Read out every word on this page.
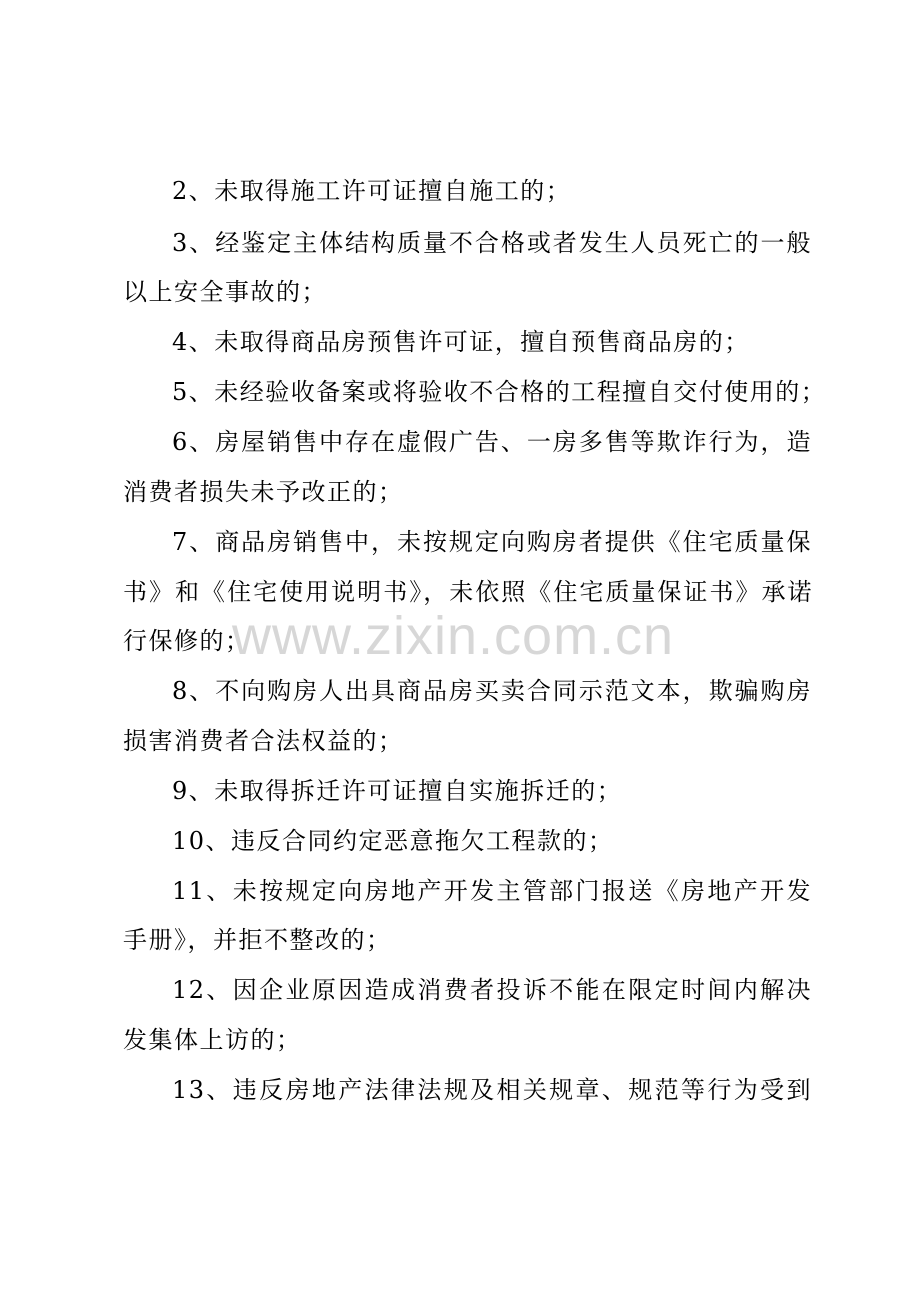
2、未取得施工许可证擅自施工的；
3、经鉴定主体结构质量不合格或者发生人员死亡的一般
以上安全事故的；
4、未取得商品房预售许可证，擅自预售商品房的；
5、未经验收备案或将验收不合格的工程擅自交付使用的；
6、房屋销售中存在虚假广告、一房多售等欺诈行为，造
消费者损失未予改正的；
7、商品房销售中，未按规定向购房者提供《住宅质量保
书》和《住宅使用说明书》，未依照《住宅质量保证书》承诺
行保修的；
8、不向购房人出具商品房买卖合同示范文本，欺骗购房
损害消费者合法权益的；
9、未取得拆迁许可证擅自实施拆迁的；
10、违反合同约定恶意拖欠工程款的；
11、未按规定向房地产开发主管部门报送《房地产开发
手册》，并拒不整改的；
12、因企业原因造成消费者投诉不能在限定时间内解决
发集体上访的；
13、违反房地产法律法规及相关规章、规范等行为受到
www.zixin.com.cn
